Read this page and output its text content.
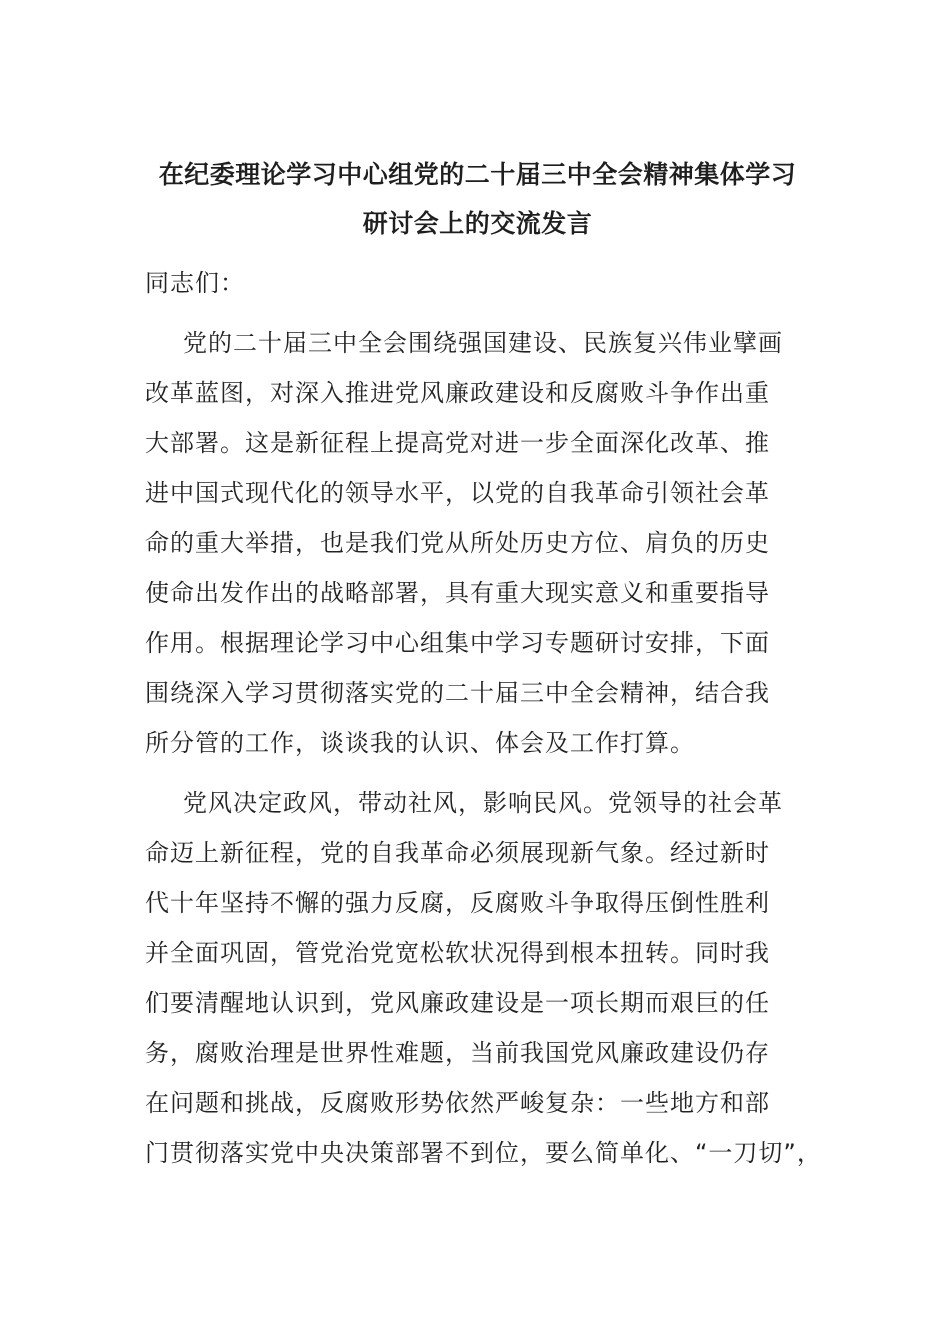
在纪委理论学习中心组党的二十届三中全会精神集体学习
研讨会上的交流发言

同志们：

党的二十届三中全会围绕强国建设、民族复兴伟业擘画
改革蓝图，对深入推进党风廉政建设和反腐败斗争作出重
大部署。这是新征程上提高党对进一步全面深化改革、推
进中国式现代化的领导水平，以党的自我革命引领社会革
命的重大举措，也是我们党从所处历史方位、肩负的历史
使命出发作出的战略部署，具有重大现实意义和重要指导
作用。根据理论学习中心组集中学习专题研讨安排，下面
围绕深入学习贯彻落实党的二十届三中全会精神，结合我
所分管的工作，谈谈我的认识、体会及工作打算。

党风决定政风，带动社风，影响民风。党领导的社会革
命迈上新征程，党的自我革命必须展现新气象。经过新时
代十年坚持不懈的强力反腐，反腐败斗争取得压倒性胜利
并全面巩固，管党治党宽松软状况得到根本扭转。同时我
们要清醒地认识到，党风廉政建设是一项长期而艰巨的任
务，腐败治理是世界性难题，当前我国党风廉政建设仍存
在问题和挑战，反腐败形势依然严峻复杂：一些地方和部
门贯彻落实党中央决策部署不到位，要么简单化、“一刀切”，
